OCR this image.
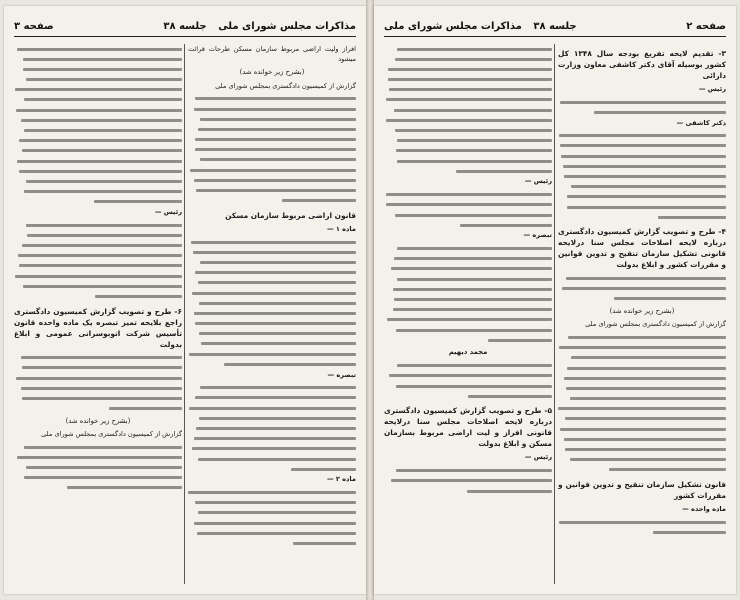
مذاکرات مجلس شورای ملی
جلسه ۳۸
صفحه ۳
افراز ولیت اراضی مربوط سازمان مسکن طرحات قرائت میشود
(بشرح زیر خوانده شد)
گزارش از کمیسیون دادگستری بمجلس شورای ملی
قانون اراضی مربوط سازمان مسکن
ماده ۱ —
تبصره —
ماده ۲ —
رئیس —
۶- طرح و تصویب گزارش کمیسیون دادگستری راجع بلایحه تمیز تبصره یک ماده واحده قانون تأسیس شرکت اتوبوسرانی عمومی و ابلاغ بدولت
(بشرح زیر خوانده شد)
گزارش از کمیسیون دادگستری بمجلس شورای ملی
صفحه ۲
جلسه ۳۸
مذاکرات مجلس شورای ملی
۳- تقدیم لایحه تفریغ بودجه سال ۱۳۴۸ کل کشور بوسیله آقای دکتر کاشفی معاون وزارت دارائی
رئیس —
دکتر کاشفی —
۴- طرح و تصویب گزارش کمیسیون دادگستری درباره لایحه اصلاحات مجلس سنا درلایحه قانونی تشکیل سازمان تنقیح و تدوین قوانین و مقررات کشور و ابلاغ بدولت
(بشرح زیر خوانده شد)
گزارش از کمیسیون دادگستری بمجلس شورای ملی
قانون تشکیل سازمان تنقیح و تدوین قوانین و مقررات کشور
ماده واحده —
رئیس —
تبصره —
محمد دیهیم
۵- طرح و تصویب گزارش کمیسیون دادگستری درباره لایحه اصلاحات مجلس سنا درلایحه قانونی افراز و لیت اراضی مربوط بسازمان مسکن و ابلاغ بدولت
رئیس —
